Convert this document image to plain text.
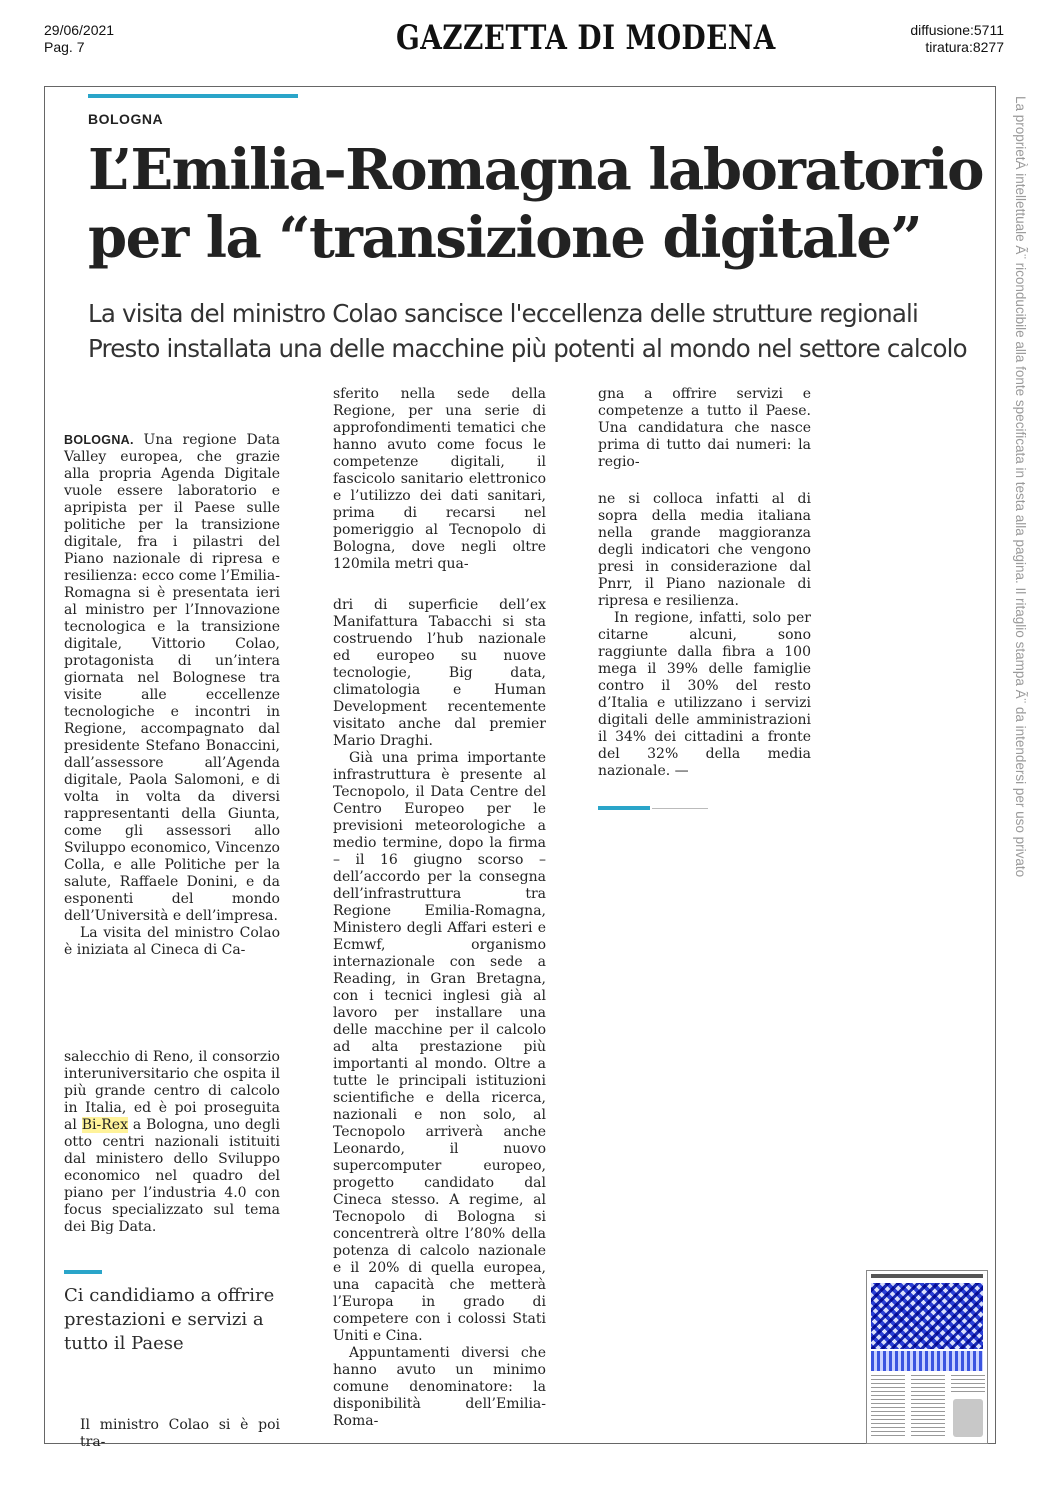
29/06/2021
Pag. 7	GAZZETTA DI MODENA	diffusione:5711
tiratura:8277
La proprietÀ intellettuale Ã¨ riconducibile alla fonte specificata in testa alla pagina. Il ritaglio stampa Ã¨ da intendersi per uso privato
BOLOGNA
L’Emilia-Romagna laboratorio
per la “transizione digitale”
La visita del ministro Colao sancisce l'eccellenza delle strutture regionali
Presto installata una delle macchine più potenti al mondo nel settore calcolo

BOLOGNA. Una regione Data Valley europea, che grazie alla propria Agenda Digitale vuole essere laboratorio e apripista per il Paese sulle politiche per la transizione digitale, fra i pilastri del Piano nazionale di ripresa e resilienza: ecco come l’Emilia-Romagna si è presentata ieri al ministro per l’Innovazione tecnologica e la transizione digitale, Vittorio Colao, protagonista di un’intera giornata nel Bolognese tra visite alle eccellenze tecnologiche e incontri in Regione, accompagnato dal presidente Stefano Bonaccini, dall’assessore all’Agenda digitale, Paola Salomoni, e di volta in volta da diversi rappresentanti della Giunta, come gli assessori allo Sviluppo economico, Vincenzo Colla, e alle Politiche per la salute, Raffaele Donini, e da esponenti del mondo dell’Università e dell’impresa.

La visita del ministro Colao è iniziata al Cineca di Ca-

salecchio di Reno, il consorzio interuniversitario che ospita il più grande centro di calcolo in Italia, ed è poi proseguita al Bi-Rex a Bologna, uno degli otto centri nazionali istituiti dal ministero dello Sviluppo economico nel quadro del piano per l’industria 4.0 con focus specializzato sul tema dei Big Data.

Ci candidiamo a offrire prestazioni e servizi a tutto il Paese

Il ministro Colao si è poi tra-

sferito nella sede della Regione, per una serie di approfondimenti tematici che hanno avuto come focus le competenze digitali, il fascicolo sanitario elettronico e l’utilizzo dei dati sanitari, prima di recarsi nel pomeriggio al Tecnopolo di Bologna, dove negli oltre 120mila metri qua-

dri di superficie dell’ex Manifattura Tabacchi si sta costruendo l’hub nazionale ed europeo su nuove tecnologie, Big data, climatologia e Human Development recentemente visitato anche dal premier Mario Draghi.

Già una prima importante infrastruttura è presente al Tecnopolo, il Data Centre del Centro Europeo per le previsioni meteorologiche a medio termine, dopo la firma – il 16 giugno scorso – dell’accordo per la consegna dell’infrastruttura tra Regione Emilia-Romagna, Ministero degli Affari esteri e Ecmwf, organismo internazionale con sede a Reading, in Gran Bretagna, con i tecnici inglesi già al lavoro per installare una delle macchine per il calcolo ad alta prestazione più importanti al mondo. Oltre a tutte le principali istituzioni scientifiche e della ricerca, nazionali e non solo, al Tecnopolo arriverà anche Leonardo, il nuovo supercomputer europeo, progetto candidato dal Cineca stesso. A regime, al Tecnopolo di Bologna si concentrerà oltre l’80% della potenza di calcolo nazionale e il 20% di quella europea, una capacità che metterà l’Europa in grado di competere con i colossi Stati Uniti e Cina.

Appuntamenti diversi che hanno avuto un minimo comune denominatore: la disponibilità dell’Emilia-Roma-

gna a offrire servizi e competenze a tutto il Paese. Una candidatura che nasce prima di tutto dai numeri: la regio-

ne si colloca infatti al di sopra della media italiana nella grande maggioranza degli indicatori che vengono presi in considerazione dal Pnrr, il Piano nazionale di ripresa e resilienza.

In regione, infatti, solo per citarne alcuni, sono raggiunte dalla fibra a 100 mega il 39% delle famiglie contro il 30% del resto d’Italia e utilizzano i servizi digitali delle amministrazioni il 34% dei cittadini a fronte del 32% della media nazionale. —
